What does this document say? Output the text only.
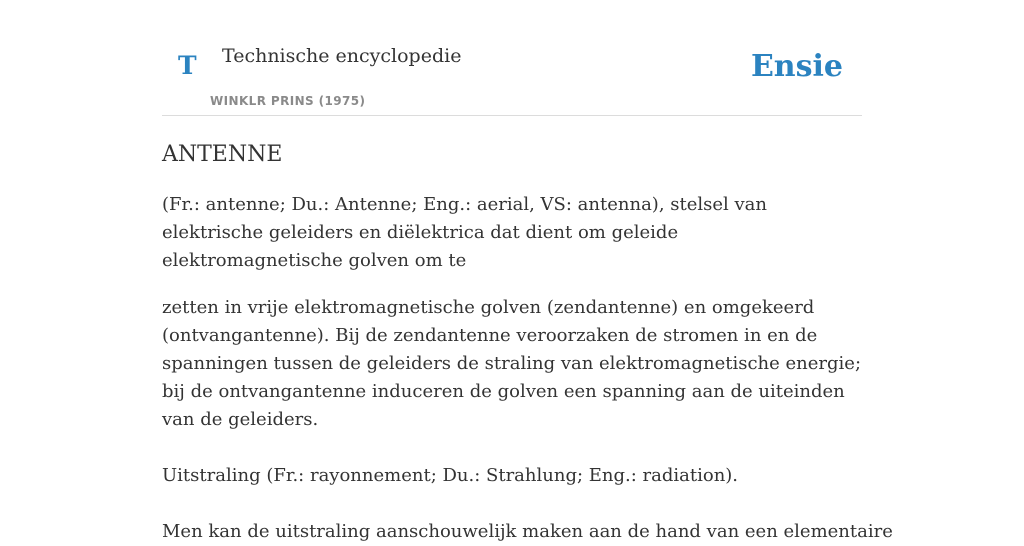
T Technische encyclopedie
WINKLR PRINS (1975)
Ensie
ANTENNE

(Fr.: antenne; Du.: Antenne; Eng.: aerial, VS: antenna), stelsel van elektrische geleiders en diëlektrica dat dient om geleide elektromagnetische golven om te

zetten in vrije elektromagnetische golven (zendantenne) en omgekeerd (ontvangantenne). Bij de zendantenne veroorzaken de stromen in en de spanningen tussen de geleiders de straling van elektromagnetische energie; bij de ontvangantenne induceren de golven een spanning aan de uiteinden van de geleiders.

Uitstraling (Fr.: rayonnement; Du.: Strahlung; Eng.: radiation).

Men kan de uitstraling aanschouwelijk maken aan de hand van een elementaire
